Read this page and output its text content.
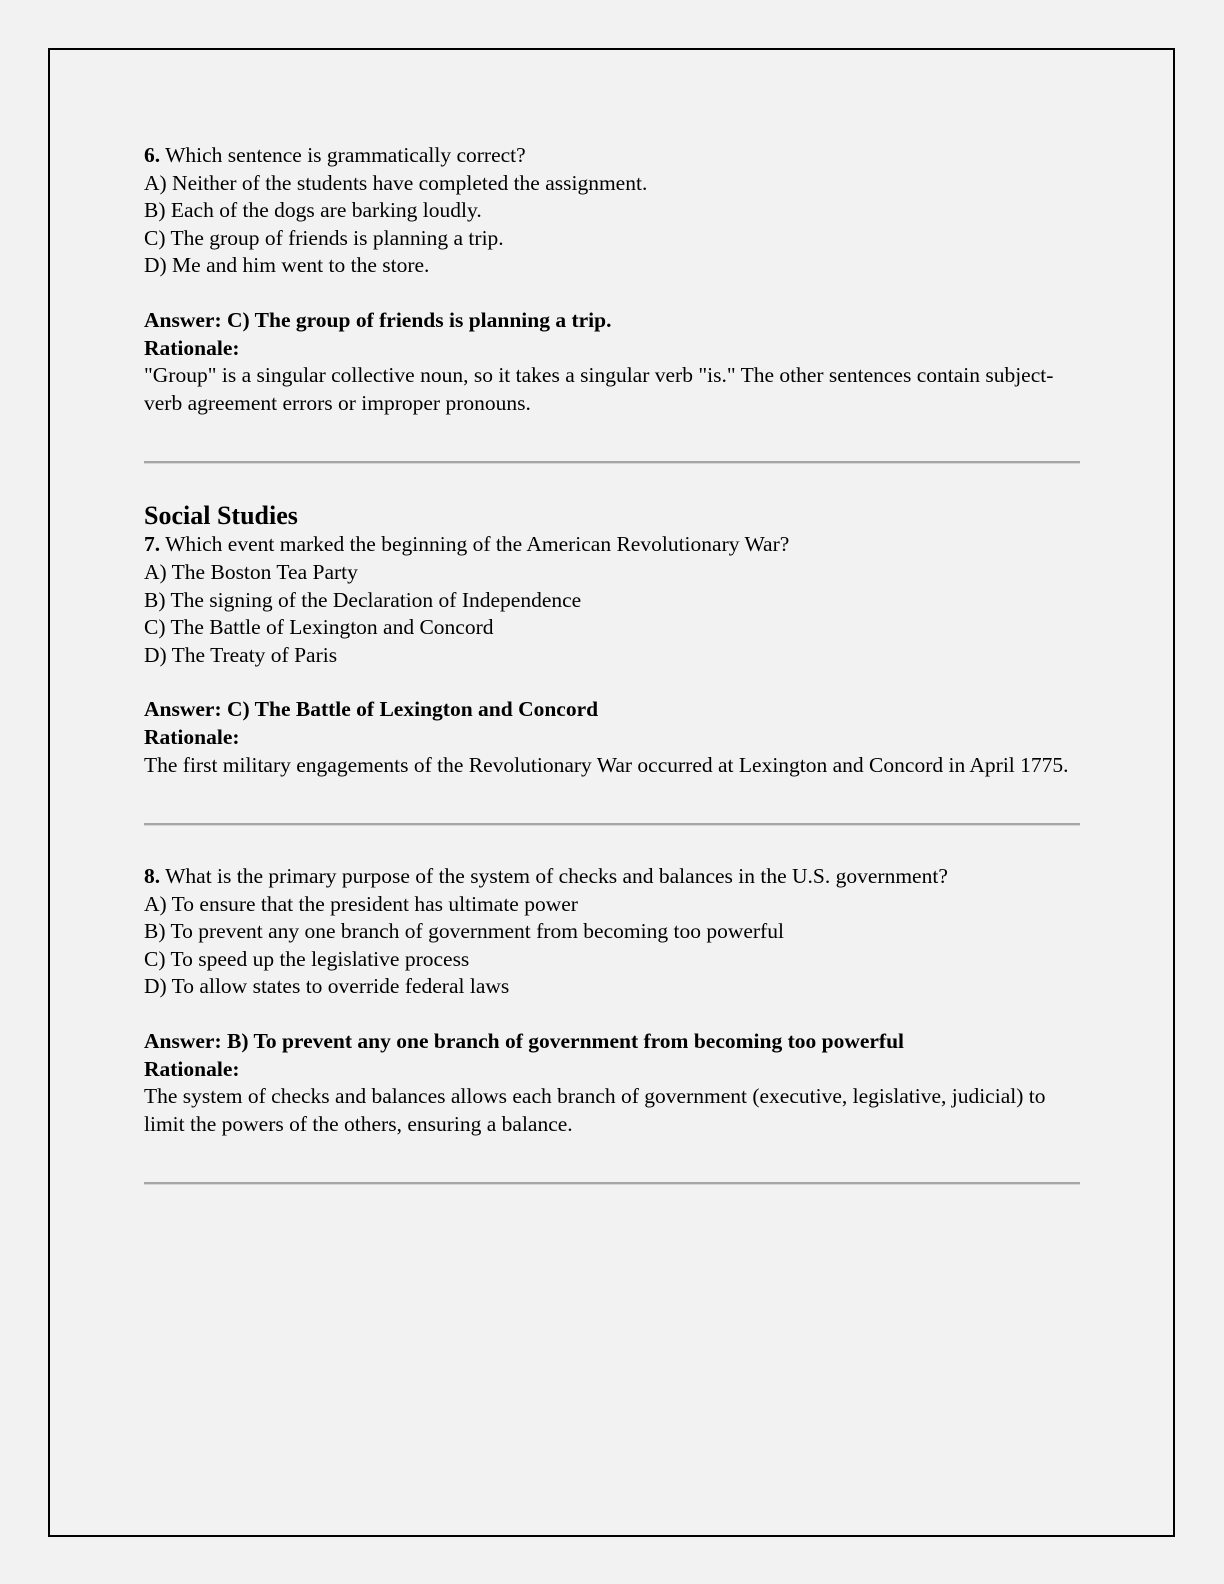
6. Which sentence is grammatically correct?

A) Neither of the students have completed the assignment.
B) Each of the dogs are barking loudly.
C) The group of friends is planning a trip.
D) Me and him went to the store.

Answer: C) The group of friends is planning a trip.

Rationale:

"Group" is a singular collective noun, so it takes a singular verb "is." The other sentences contain subject-verb agreement errors or improper pronouns.

Social Studies

7. Which event marked the beginning of the American Revolutionary War?

A) The Boston Tea Party
B) The signing of the Declaration of Independence
C) The Battle of Lexington and Concord
D) The Treaty of Paris

Answer: C) The Battle of Lexington and Concord

Rationale:

The first military engagements of the Revolutionary War occurred at Lexington and Concord in April 1775.

8. What is the primary purpose of the system of checks and balances in the U.S. government?

A) To ensure that the president has ultimate power
B) To prevent any one branch of government from becoming too powerful
C) To speed up the legislative process
D) To allow states to override federal laws

Answer: B) To prevent any one branch of government from becoming too powerful

Rationale:

The system of checks and balances allows each branch of government (executive, legislative, judicial) to limit the powers of the others, ensuring a balance.
